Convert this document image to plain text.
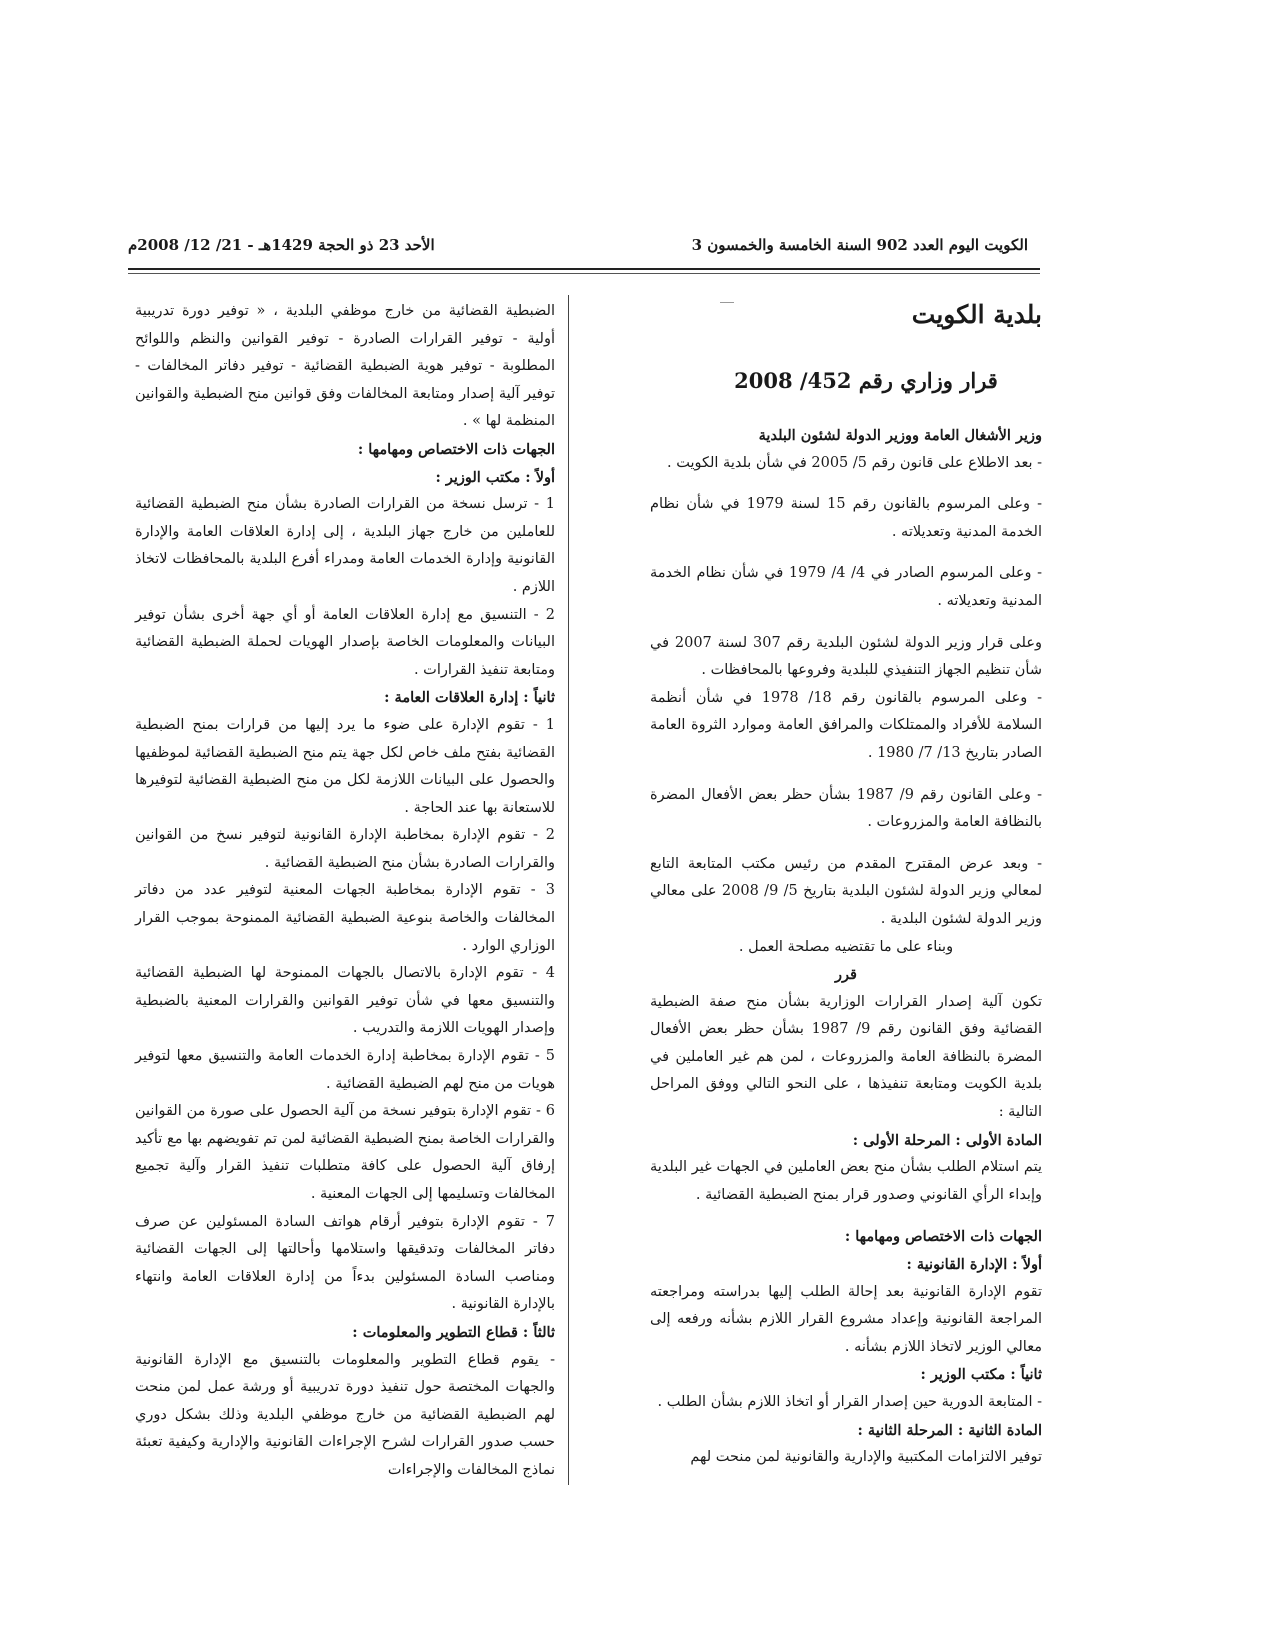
الكويت اليوم العدد 902 السنة الخامسة والخمسون 3
الأحد 23 ذو الحجة 1429هـ - 21/ 12/ 2008م

بلدية الكويت

قرار وزاري رقم 452/ 2008

وزير الأشغال العامة ووزير الدولة لشئون البلدية

- بعد الاطلاع على قانون رقم 5/ 2005 في شأن بلدية الكويت .

- وعلى المرسوم بالقانون رقم 15 لسنة 1979 في شأن نظام الخدمة المدنية وتعديلاته .

- وعلى المرسوم الصادر في 4/ 4/ 1979 في شأن نظام الخدمة المدنية وتعديلاته .

وعلى قرار وزير الدولة لشئون البلدية رقم 307 لسنة 2007 في شأن تنظيم الجهاز التنفيذي للبلدية وفروعها بالمحافظات .

- وعلى المرسوم بالقانون رقم 18/ 1978 في شأن أنظمة السلامة للأفراد والممتلكات والمرافق العامة وموارد الثروة العامة الصادر بتاريخ 13/ 7/ 1980 .

- وعلى القانون رقم 9/ 1987 بشأن حظر بعض الأفعال المضرة بالنظافة العامة والمزروعات .

- وبعد عرض المقترح المقدم من رئيس مكتب المتابعة التابع لمعالي وزير الدولة لشئون البلدية بتاريخ 5/ 9/ 2008 على معالي وزير الدولة لشئون البلدية .

وبناء على ما تقتضيه مصلحة العمل .

قرر

تكون آلية إصدار القرارات الوزارية بشأن منح صفة الضبطية القضائية وفق القانون رقم 9/ 1987 بشأن حظر بعض الأفعال المضرة بالنظافة العامة والمزروعات ، لمن هم غير العاملين في بلدية الكويت ومتابعة تنفيذها ، على النحو التالي ووفق المراحل التالية :

المادة الأولى : المرحلة الأولى :

يتم استلام الطلب بشأن منح بعض العاملين في الجهات غير البلدية وإبداء الرأي القانوني وصدور قرار بمنح الضبطية القضائية .

الجهات ذات الاختصاص ومهامها :

أولاً : الإدارة القانونية :

تقوم الإدارة القانونية بعد إحالة الطلب إليها بدراسته ومراجعته المراجعة القانونية وإعداد مشروع القرار اللازم بشأنه ورفعه إلى معالي الوزير لاتخاذ اللازم بشأنه .

ثانياً : مكتب الوزير :

- المتابعة الدورية حين إصدار القرار أو اتخاذ اللازم بشأن الطلب .

المادة الثانية : المرحلة الثانية :

توفير الالتزامات المكتبية والإدارية والقانونية لمن منحت لهم

الضبطية القضائية من خارج موظفي البلدية ، « توفير دورة تدريبية أولية - توفير القرارات الصادرة - توفير القوانين والنظم واللوائح المطلوبة - توفير هوية الضبطية القضائية - توفير دفاتر المخالفات - توفير آلية إصدار ومتابعة المخالفات وفق قوانين منح الضبطية والقوانين المنظمة لها » .

الجهات ذات الاختصاص ومهامها :

أولاً : مكتب الوزير :

1 - ترسل نسخة من القرارات الصادرة بشأن منح الضبطية القضائية للعاملين من خارج جهاز البلدية ، إلى إدارة العلاقات العامة والإدارة القانونية وإدارة الخدمات العامة ومدراء أفرع البلدية بالمحافظات لاتخاذ اللازم .

2 - التنسيق مع إدارة العلاقات العامة أو أي جهة أخرى بشأن توفير البيانات والمعلومات الخاصة بإصدار الهويات لحملة الضبطية القضائية ومتابعة تنفيذ القرارات .

ثانياً : إدارة العلاقات العامة :

1 - تقوم الإدارة على ضوء ما يرد إليها من قرارات بمنح الضبطية القضائية بفتح ملف خاص لكل جهة يتم منح الضبطية القضائية لموظفيها والحصول على البيانات اللازمة لكل من منح الضبطية القضائية لتوفيرها للاستعانة بها عند الحاجة .

2 - تقوم الإدارة بمخاطبة الإدارة القانونية لتوفير نسخ من القوانين والقرارات الصادرة بشأن منح الضبطية القضائية .

3 - تقوم الإدارة بمخاطبة الجهات المعنية لتوفير عدد من دفاتر المخالفات والخاصة بنوعية الضبطية القضائية الممنوحة بموجب القرار الوزاري الوارد .

4 - تقوم الإدارة بالاتصال بالجهات الممنوحة لها الضبطية القضائية والتنسيق معها في شأن توفير القوانين والقرارات المعنية بالضبطية وإصدار الهويات اللازمة والتدريب .

5 - تقوم الإدارة بمخاطبة إدارة الخدمات العامة والتنسيق معها لتوفير هويات من منح لهم الضبطية القضائية .

6 - تقوم الإدارة بتوفير نسخة من آلية الحصول على صورة من القوانين والقرارات الخاصة بمنح الضبطية القضائية لمن تم تفويضهم بها مع تأكيد إرفاق آلية الحصول على كافة متطلبات تنفيذ القرار وآلية تجميع المخالفات وتسليمها إلى الجهات المعنية .

7 - تقوم الإدارة بتوفير أرقام هواتف السادة المسئولين عن صرف دفاتر المخالفات وتدقيقها واستلامها وأحالتها إلى الجهات القضائية ومناصب السادة المسئولين بدءاً من إدارة العلاقات العامة وانتهاء بالإدارة القانونية .

ثالثاً : قطاع التطوير والمعلومات :

- يقوم قطاع التطوير والمعلومات بالتنسيق مع الإدارة القانونية والجهات المختصة حول تنفيذ دورة تدريبية أو ورشة عمل لمن منحت لهم الضبطية القضائية من خارج موظفي البلدية وذلك بشكل دوري حسب صدور القرارات لشرح الإجراءات القانونية والإدارية وكيفية تعبئة نماذج المخالفات والإجراءات
